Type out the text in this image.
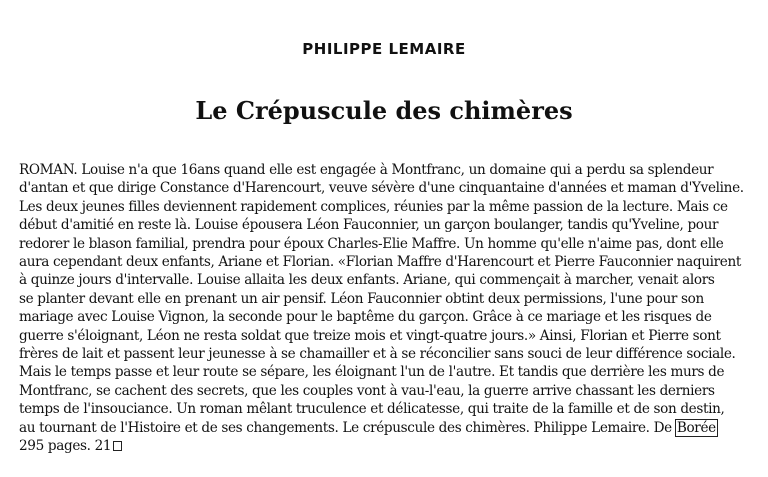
PHILIPPE LEMAIRE
Le Crépuscule des chimères
ROMAN. Louise n'a que 16ans quand elle est engagée à Montfranc, un domaine qui a perdu sa splendeur
d'antan et que dirige Constance d'Harencourt, veuve sévère d'une cinquantaine d'années et maman d'Yveline.
Les deux jeunes filles deviennent rapidement complices, réunies par la même passion de la lecture. Mais ce
début d'amitié en reste là. Louise épousera Léon Fauconnier, un garçon boulanger, tandis qu'Yveline, pour
redorer le blason familial, prendra pour époux Charles-Elie Maffre. Un homme qu'elle n'aime pas, dont elle
aura cependant deux enfants, Ariane et Florian. «Florian Maffre d'Harencourt et Pierre Fauconnier naquirent
à quinze jours d'intervalle. Louise allaita les deux enfants. Ariane, qui commençait à marcher, venait alors
se planter devant elle en prenant un air pensif. Léon Fauconnier obtint deux permissions, l'une pour son
mariage avec Louise Vignon, la seconde pour le baptême du garçon. Grâce à ce mariage et les risques de
guerre s'éloignant, Léon ne resta soldat que treize mois et vingt-quatre jours.» Ainsi, Florian et Pierre sont
frères de lait et passent leur jeunesse à se chamailler et à se réconcilier sans souci de leur différence sociale.
Mais le temps passe et leur route se sépare, les éloignant l'un de l'autre. Et tandis que derrière les murs de
Montfranc, se cachent des secrets, que les couples vont à vau-l'eau, la guerre arrive chassant les derniers
temps de l'insouciance. Un roman mêlant truculence et délicatesse, qui traite de la famille et de son destin,
au tournant de l'Histoire et de ses changements. Le crépuscule des chimères. Philippe Lemaire. De Borée
295 pages. 21
